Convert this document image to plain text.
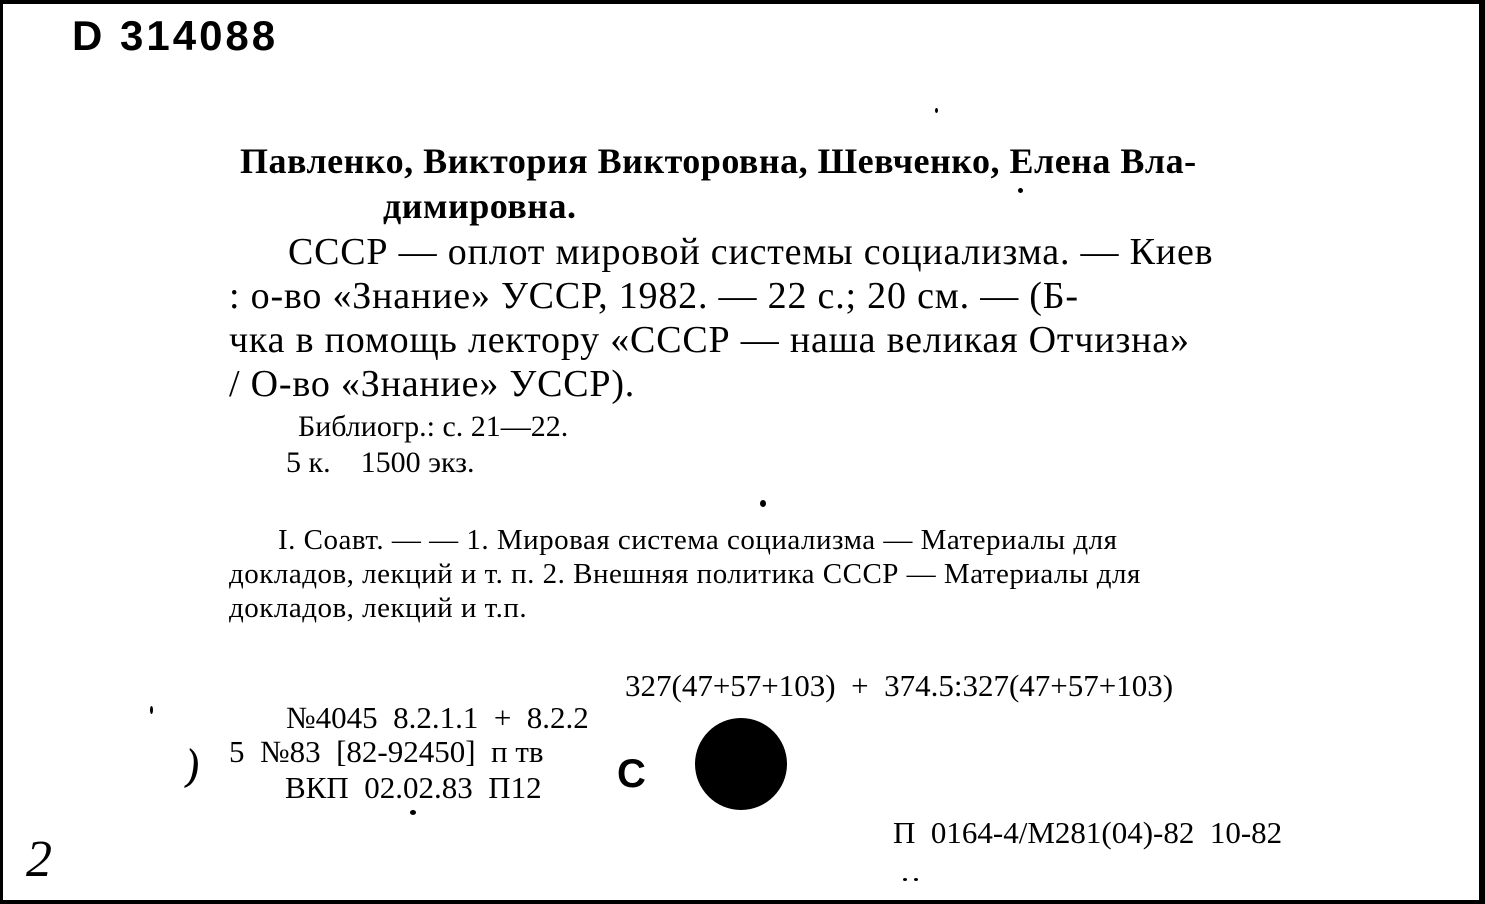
D 314088
Павленко, Виктория Викторовна, Шевченко, Елена Вла-
димировна.
СССР — оплот мировой системы социализма. — Киев
: о-во «Знание» УССР, 1982. — 22 с.; 20 см. — (Б-
чка в помощь лектору «СССР — наша великая Отчизна»
/ О-во «Знание» УССР).
Библиогр.: с. 21—22.
5 к.    1500 экз.
I. Соавт. — — 1. Мировая система социализма — Материалы для
докладов, лекций и т. п. 2. Внешняя политика СССР — Материалы для
докладов, лекций и т.п.
327(47+57+103)  +  374.5:327(47+57+103)
№4045  8.2.1.1  +  8.2.2
5  №83  [82-92450]  п тв
ВКП  02.02.83  П12 С
П  0164-4/М281(04)-82  10-82
2
)
